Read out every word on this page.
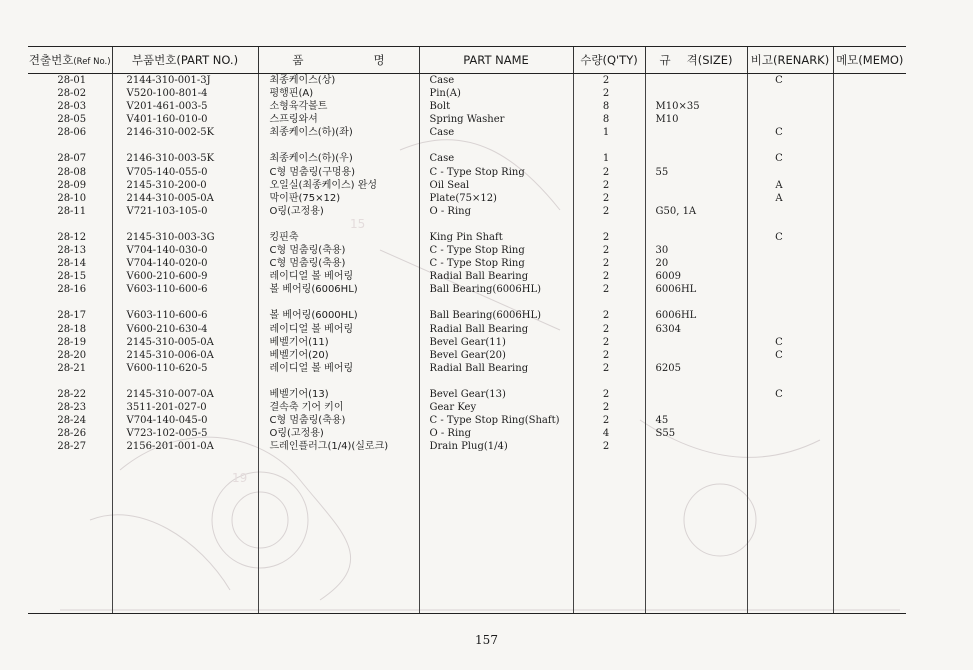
15
19
견출번호(Ref No.)	부품번호(PART NO.)	품 명	PART NAME	수량(Q'TY)	규 격(SIZE)	비고(RENARK)	메모(MEMO)
28-01	2144-310-001-3J	최종케이스(상)	Case	2		C	
28-02	V520-100-801-4	평행핀(A)	Pin(A)	2			
28-03	V201-461-003-5	소형육각볼트	Bolt	8	M10×35		
28-05	V401-160-010-0	스프링와셔	Spring Washer	8	M10		
28-06	2146-310-002-5K	최종케이스(하)(좌)	Case	1		C	

28-07	2146-310-003-5K	최종케이스(하)(우)	Case	1		C	
28-08	V705-140-055-0	C형 멈춤링(구멍용)	C - Type Stop Ring	2	55		
28-09	2145-310-200-0	오일실(최종케이스) 완성	Oil Seal	2		A	
28-10	2144-310-005-0A	막이판(75×12)	Plate(75×12)	2		A	
28-11	V721-103-105-0	O링(고정용)	O - Ring	2	G50, 1A		

28-12	2145-310-003-3G	킹핀축	King Pin Shaft	2		C	
28-13	V704-140-030-0	C형 멈춤링(축용)	C - Type Stop Ring	2	30		
28-14	V704-140-020-0	C형 멈춤링(축용)	C - Type Stop Ring	2	20		
28-15	V600-210-600-9	레이디얼 볼 베어링	Radial Ball Bearing	2	6009		
28-16	V603-110-600-6	볼 베어링(6006HL)	Ball Bearing(6006HL)	2	6006HL		

28-17	V603-110-600-6	볼 베어링(6000HL)	Ball Bearing(6006HL)	2	6006HL		
28-18	V600-210-630-4	레이디얼 볼 베어링	Radial Ball Bearing	2	6304		
28-19	2145-310-005-0A	베벨기어(11)	Bevel Gear(11)	2		C	
28-20	2145-310-006-0A	베벨기어(20)	Bevel Gear(20)	2		C	
28-21	V600-110-620-5	레이디얼 볼 베어링	Radial Ball Bearing	2	6205		

28-22	2145-310-007-0A	베벨기어(13)	Bevel Gear(13)	2		C	
28-23	3511-201-027-0	결속축 기어 키이	Gear Key	2			
28-24	V704-140-045-0	C형 멈춤링(축용)	C - Type Stop Ring(Shaft)	2	45		
28-26	V723-102-005-5	O링(고정용)	O - Ring	4	S55		
28-27	2156-201-001-0A	드레인플러그(1/4)(실로크)	Drain Plug(1/4)	2			

157
